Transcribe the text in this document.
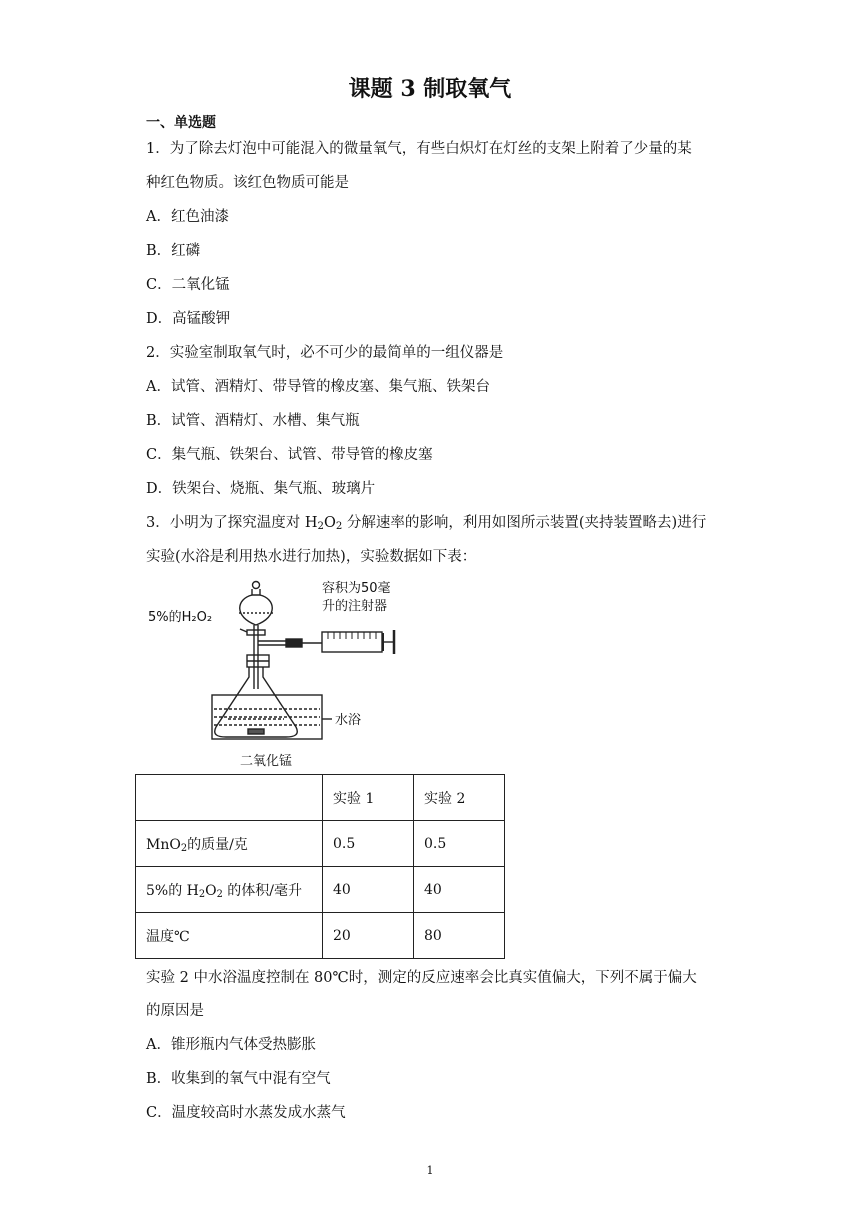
课题 3 制取氧气
一、单选题
1．为了除去灯泡中可能混入的微量氧气，有些白炽灯在灯丝的支架上附着了少量的某
种红色物质。该红色物质可能是
A．红色油漆
B．红磷
C．二氧化锰
D．高锰酸钾
2．实验室制取氧气时，必不可少的最简单的一组仪器是
A．试管、酒精灯、带导管的橡皮塞、集气瓶、铁架台
B．试管、酒精灯、水槽、集气瓶
C．集气瓶、铁架台、试管、带导管的橡皮塞
D．铁架台、烧瓶、集气瓶、玻璃片
3．小明为了探究温度对 $H_2O_2$ 分解速率的影响，利用如图所示装置(夹持装置略去)进行
实验(水浴是利用热水进行加热)，实验数据如下表：
5%的H₂O₂
容积为50毫
升的注射器
水浴
二氧化锰
	实验 1	实验 2
MnO$_2$的质量/克	0.5	0.5
5%的 $H_2O_2$ 的体积/毫升	40	40
温度℃	20	80
实验 2 中水浴温度控制在 80℃时，测定的反应速率会比真实值偏大，下列不属于偏大
的原因是
A．锥形瓶内气体受热膨胀
B．收集到的氧气中混有空气
C．温度较高时水蒸发成水蒸气
1
